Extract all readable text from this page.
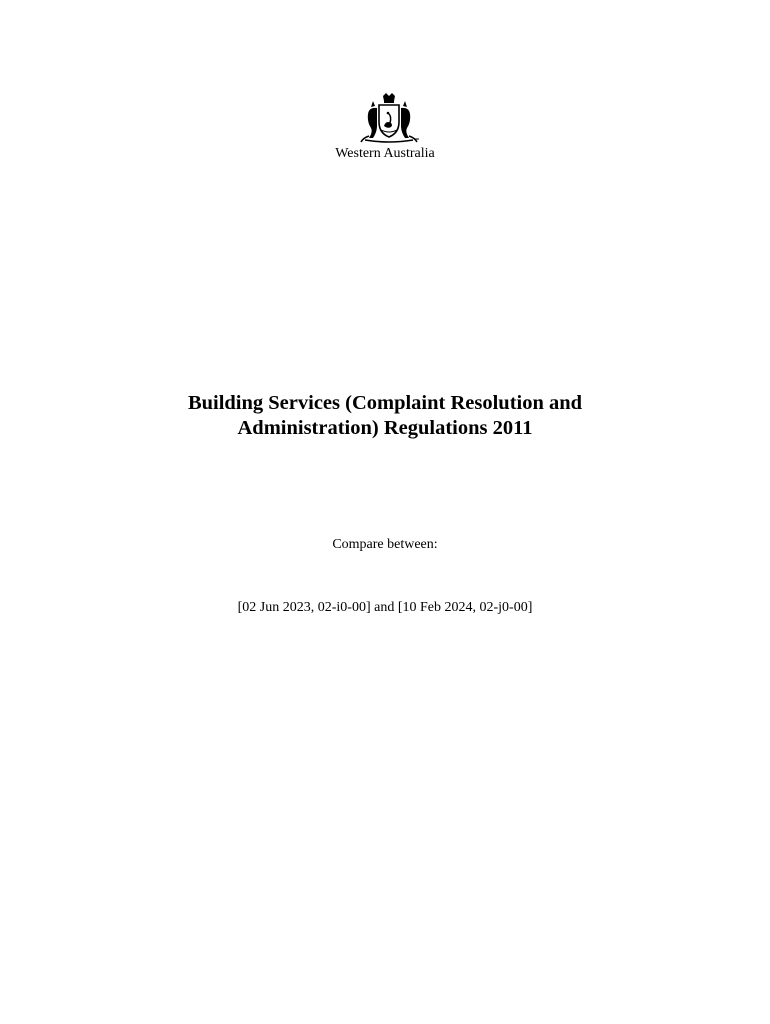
Western Australia
Building Services (Complaint Resolution and
Administration) Regulations 2011
Compare between:
[02 Jun 2023, 02-i0-00] and [10 Feb 2024, 02-j0-00]
